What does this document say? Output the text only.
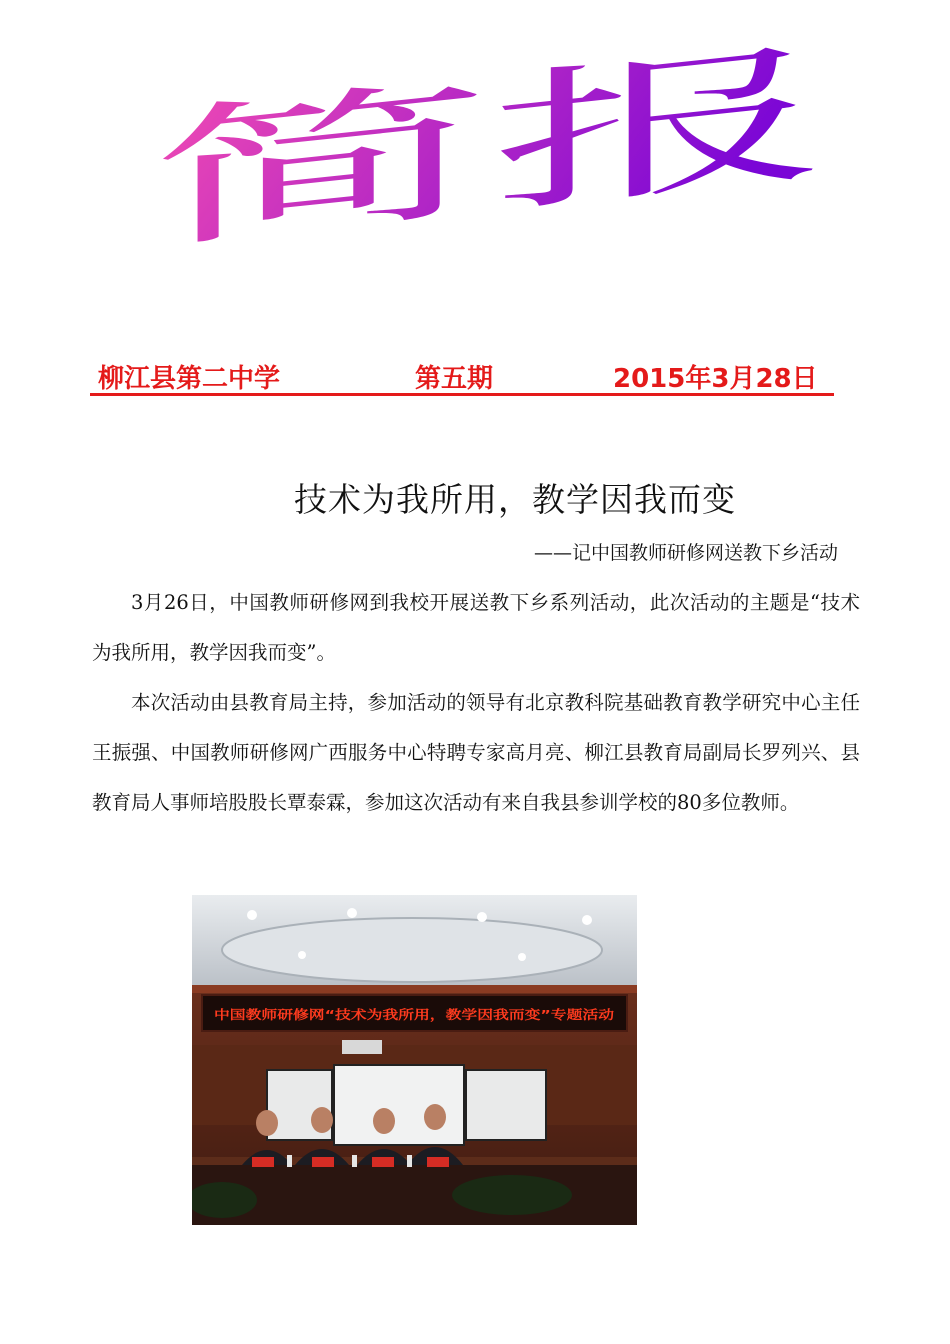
简报
柳江县第二中学	第五期	2015年3月28日
技术为我所用，教学因我而变
——记中国教师研修网送教下乡活动

3月26日，中国教师研修网到我校开展送教下乡系列活动，此次活动的主题是“技术为我所用，教学因我而变”。

本次活动由县教育局主持，参加活动的领导有北京教科院基础教育教学研究中心主任王振强、中国教师研修网广西服务中心特聘专家高月亮、柳江县教育局副局长罗列兴、县教育局人事师培股股长覃泰霖，参加这次活动有来自我县参训学校的80多位教师。

中国教师研修网“技术为我所用，教学因我而变”专题活动
